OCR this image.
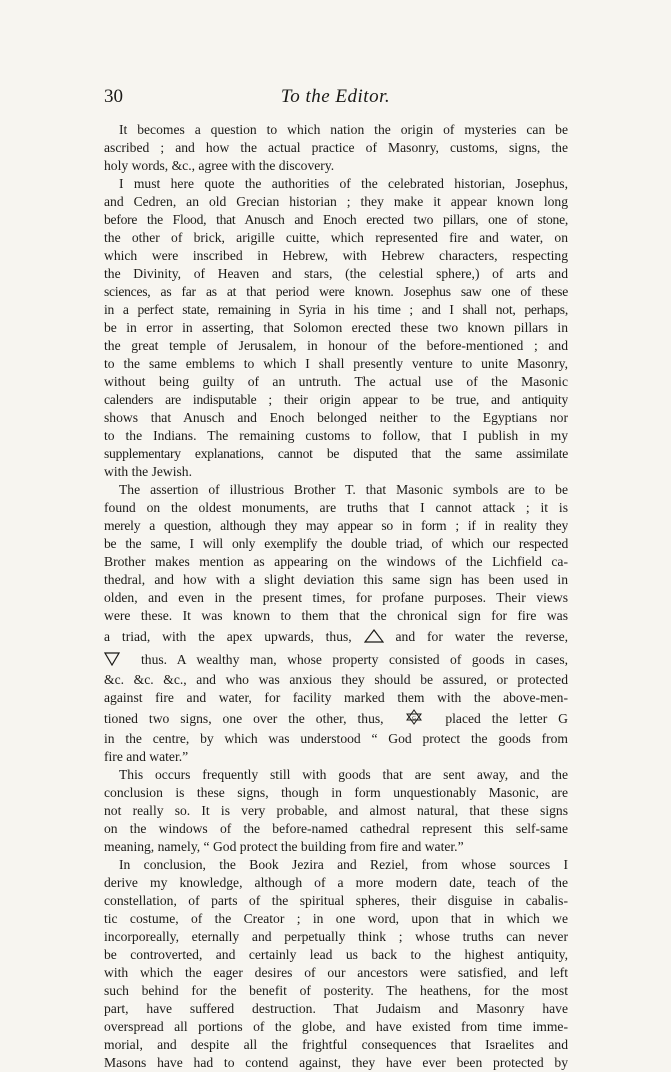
30	To the Editor.
It becomes a question to which nation the origin of mysteries can be
ascribed ; and how the actual practice of Masonry, customs, signs, the
holy words, &c., agree with the discovery.
I must here quote the authorities of the celebrated historian, Josephus,
and Cedren, an old Grecian historian ; they make it appear known long
before the Flood, that Anusch and Enoch erected two pillars, one of stone,
the other of brick, arigille cuitte, which represented fire and water, on
which were inscribed in Hebrew, with Hebrew characters, respecting
the Divinity, of Heaven and stars, (the celestial sphere,) of arts and
sciences, as far as at that period were known. Josephus saw one of these
in a perfect state, remaining in Syria in his time ; and I shall not, perhaps,
be in error in asserting, that Solomon erected these two known pillars in
the great temple of Jerusalem, in honour of the before-mentioned ; and
to the same emblems to which I shall presently venture to unite Masonry,
without being guilty of an untruth. The actual use of the Masonic
calenders are indisputable ; their origin appear to be true, and antiquity
shows that Anusch and Enoch belonged neither to the Egyptians nor
to the Indians. The remaining customs to follow, that I publish in my
supplementary explanations, cannot be disputed that the same assimilate
with the Jewish.
The assertion of illustrious Brother T. that Masonic symbols are to be
found on the oldest monuments, are truths that I cannot attack ; it is
merely a question, although they may appear so in form ; if in reality they
be the same, I will only exemplify the double triad, of which our respected
Brother makes mention as appearing on the windows of the Lichfield ca-
thedral, and how with a slight deviation this same sign has been used in
olden, and even in the present times, for profane purposes. Their views
were these. It was known to them that the chronical sign for fire was
a triad, with the apex upwards, thus,	and for water the reverse,
thus. A wealthy man, whose property consisted of goods in cases,
&c. &c. &c., and who was anxious they should be assured, or protected
against fire and water, for facility marked them with the above-men-
tioned two signs, one over the other, thus,	G placed the letter G
in the centre, by which was understood “ God protect the goods from
fire and water.”
This occurs frequently still with goods that are sent away, and the
conclusion is these signs, though in form unquestionably Masonic, are
not really so. It is very probable, and almost natural, that these signs
on the windows of the before-named cathedral represent this self-same
meaning, namely, “ God protect the building from fire and water.”
In conclusion, the Book Jezira and Reziel, from whose sources I
derive my knowledge, although of a more modern date, teach of the
constellation, of parts of the spiritual spheres, their disguise in cabalis-
tic costume, of the Creator ; in one word, upon that in which we
incorporeally, eternally and perpetually think ; whose truths can never
be controverted, and certainly lead us back to the highest antiquity,
with which the eager desires of our ancestors were satisfied, and left
such behind for the benefit of posterity. The heathens, for the most
part, have suffered destruction. That Judaism and Masonry have
overspread all portions of the globe, and have existed from time imme-
morial, and despite all the frightful consequences that Israelites and
Masons have had to contend against, they have ever been protected by
